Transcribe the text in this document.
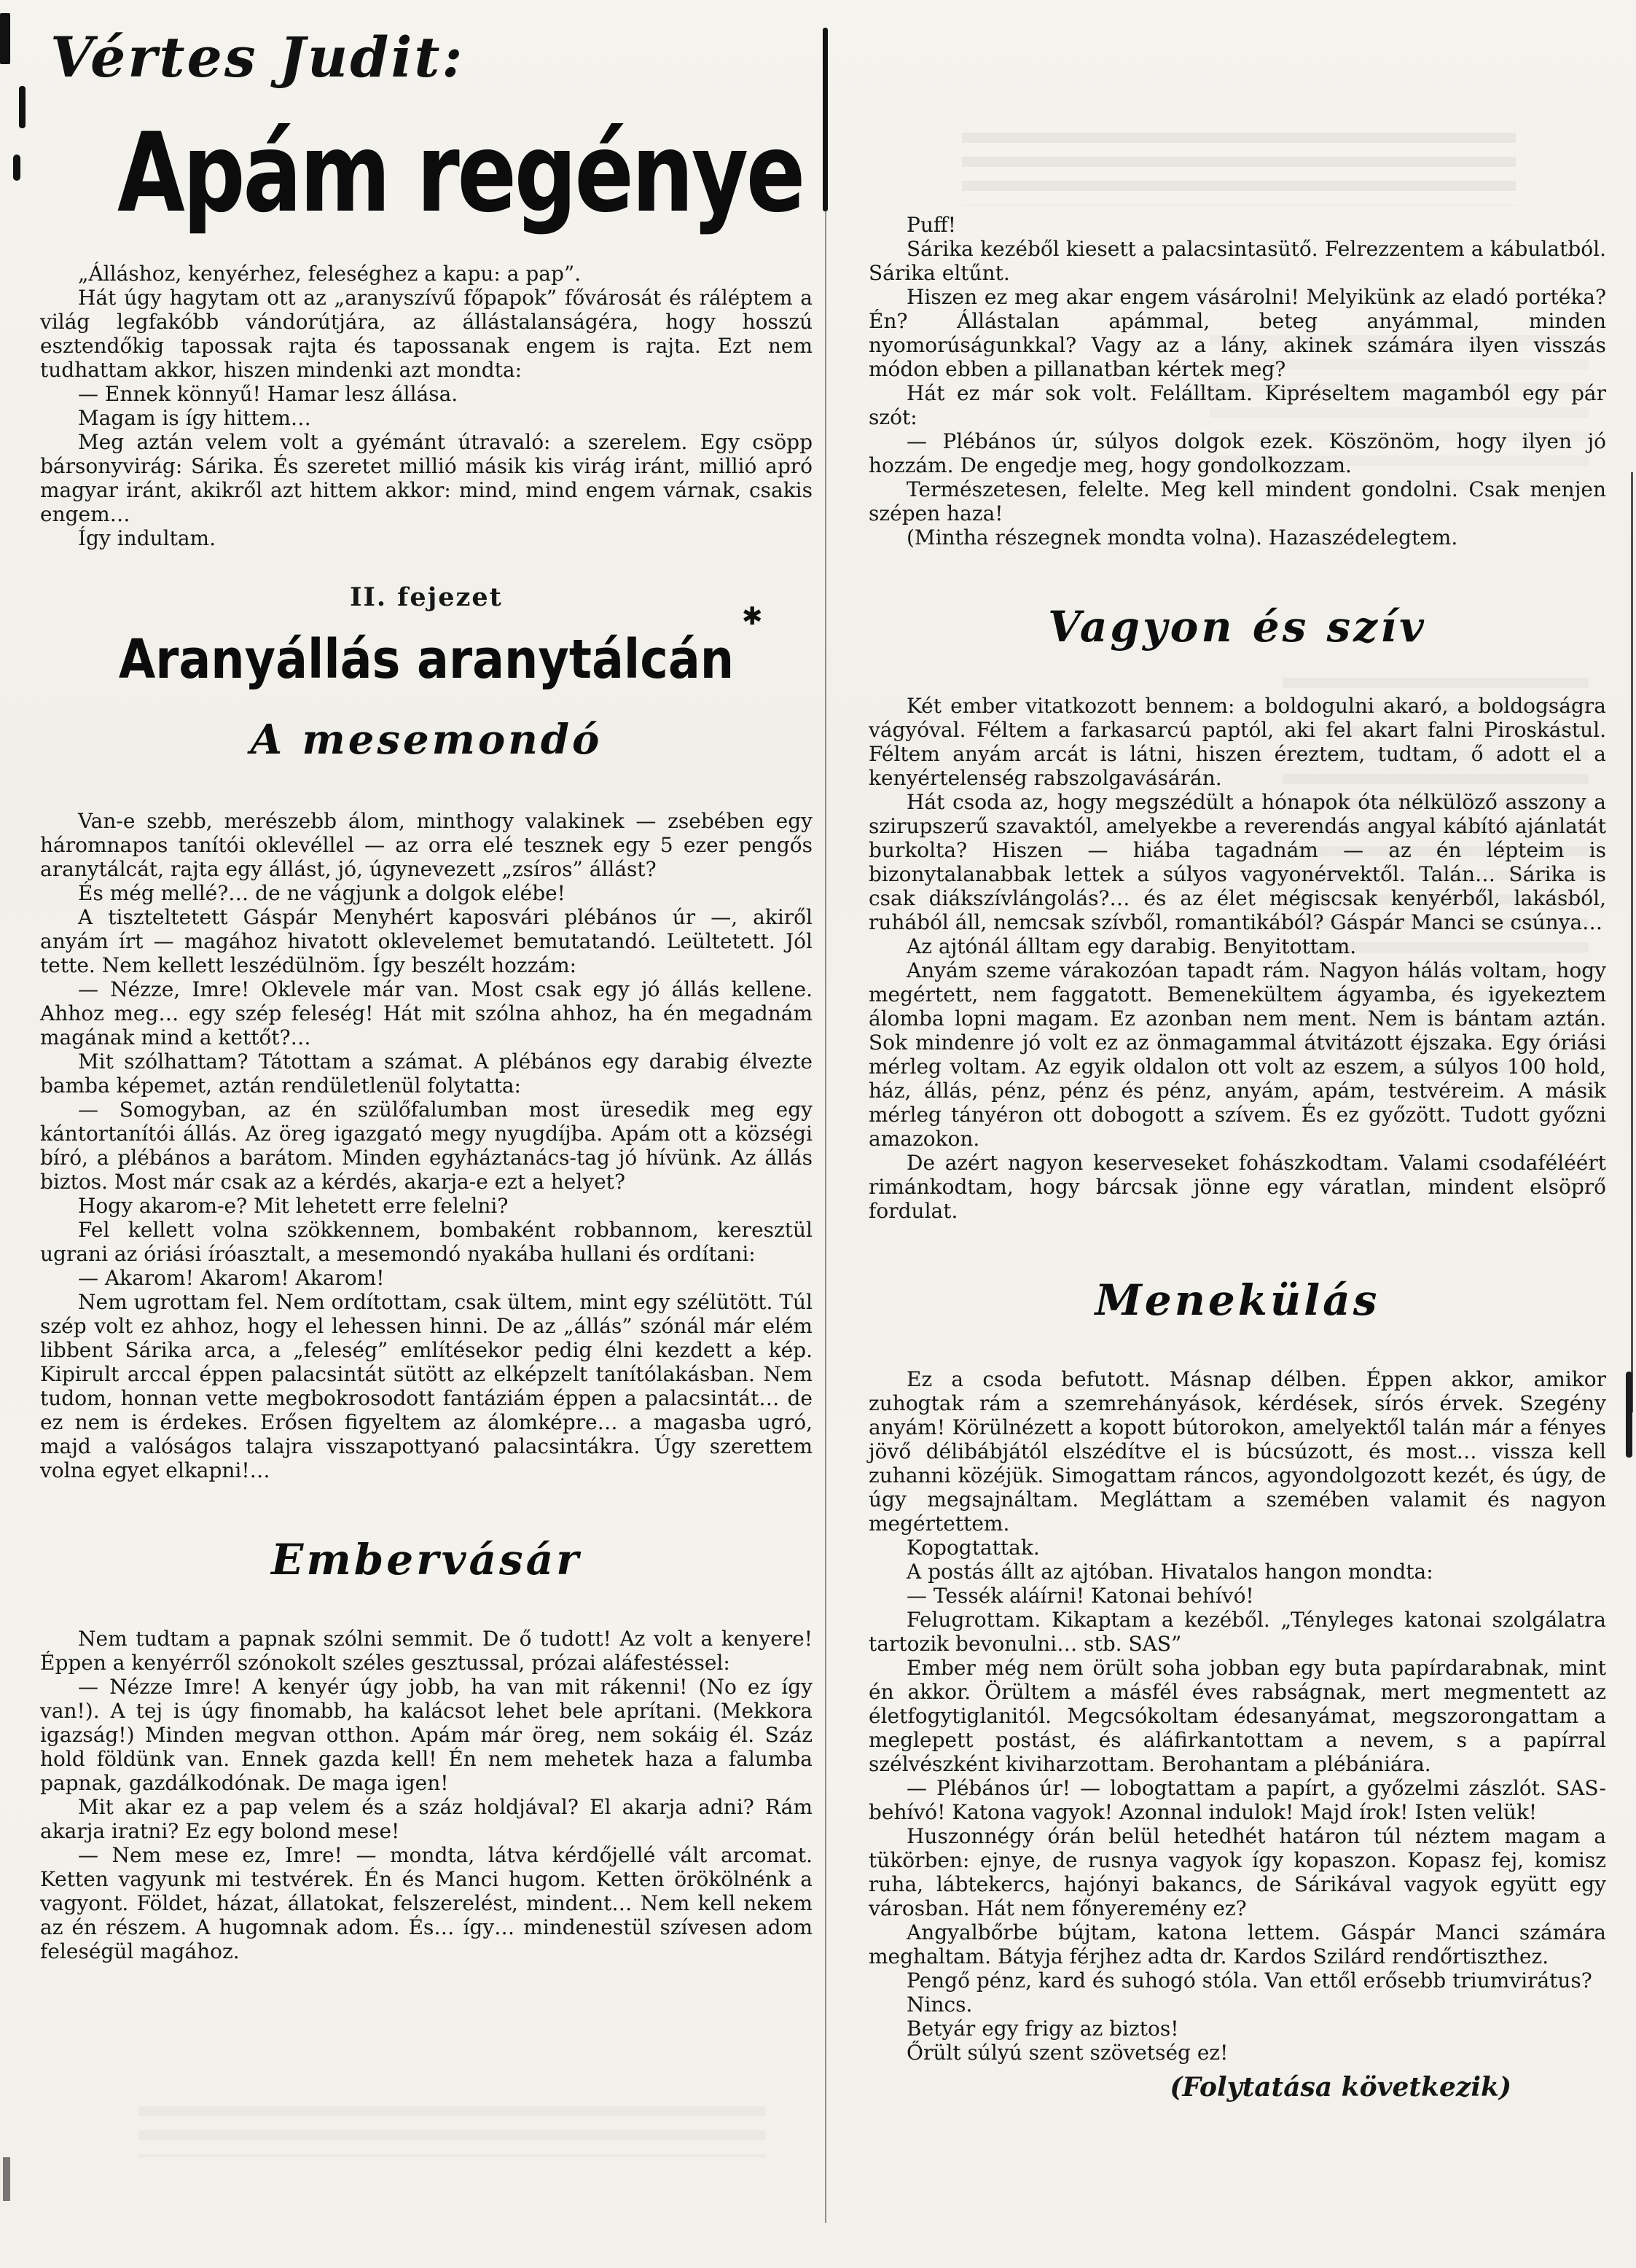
✱
Vértes Judit:
Apám regénye
„Álláshoz, kenyérhez, feleséghez a kapu: a pap”.
Hát úgy hagytam ott az „aranyszívű főpapok” fővárosát és ráléptem a világ legfakóbb vándorútjára, az állástalanságéra, hogy hosszú esztendőkig tapossak rajta és tapossanak engem is rajta. Ezt nem tudhattam akkor, hiszen mindenki azt mondta:
— Ennek könnyű! Hamar lesz állása.
Magam is így hittem…
Meg aztán velem volt a gyémánt útravaló: a szerelem. Egy csöpp bársonyvirág: Sárika. És szeretet millió másik kis virág iránt, millió apró magyar iránt, akikről azt hittem akkor: mind, mind engem várnak, csakis engem…
Így indultam.
II. fejezet
Aranyállás aranytálcán
A mesemondó
Van-e szebb, merészebb álom, minthogy valakinek — zsebében egy háromnapos tanítói oklevéllel — az orra elé tesznek egy 5 ezer pengős aranytálcát, rajta egy állást, jó, úgynevezett „zsíros” állást?
És még mellé?… de ne vágjunk a dolgok elébe!
A tiszteltetett Gáspár Menyhért kaposvári plébános úr —, akiről anyám írt — magához hivatott oklevelemet bemutatandó. Leültetett. Jól tette. Nem kellett leszédülnöm. Így beszélt hozzám:
— Nézze, Imre! Oklevele már van. Most csak egy jó állás kellene. Ahhoz meg… egy szép feleség! Hát mit szólna ahhoz, ha én megadnám magának mind a kettőt?…
Mit szólhattam? Tátottam a számat. A plébános egy darabig élvezte bamba képemet, aztán rendületlenül folytatta:
— Somogyban, az én szülőfalumban most üresedik meg egy kántortanítói állás. Az öreg igazgató megy nyugdíjba. Apám ott a községi bíró, a plébános a barátom. Minden egyháztanács-tag jó hívünk. Az állás biztos. Most már csak az a kérdés, akarja-e ezt a helyet?
Hogy akarom-e? Mit lehetett erre felelni?
Fel kellett volna szökkennem, bombaként robbannom, keresztül ugrani az óriási íróasztalt, a mesemondó nyakába hullani és ordítani:
— Akarom! Akarom! Akarom!
Nem ugrottam fel. Nem ordítottam, csak ültem, mint egy szélütött. Túl szép volt ez ahhoz, hogy el lehessen hinni. De az „állás” szónál már elém libbent Sárika arca, a „feleség” említésekor pedig élni kezdett a kép. Kipirult arccal éppen palacsintát sütött az elképzelt tanítólakásban. Nem tudom, honnan vette megbokrosodott fantáziám éppen a palacsintát… de ez nem is érdekes. Erősen figyeltem az álomképre… a magasba ugró, majd a valóságos talajra visszapottyanó palacsintákra. Úgy szerettem volna egyet elkapni!…
Embervásár
Nem tudtam a papnak szólni semmit. De ő tudott! Az volt a kenyere! Éppen a kenyérről szónokolt széles gesztussal, prózai aláfestéssel:
— Nézze Imre! A kenyér úgy jobb, ha van mit rákenni! (No ez így van!). A tej is úgy finomabb, ha kalácsot lehet bele aprítani. (Mekkora igazság!) Minden megvan otthon. Apám már öreg, nem sokáig él. Száz hold földünk van. Ennek gazda kell! Én nem mehetek haza a falumba papnak, gazdálkodónak. De maga igen!
Mit akar ez a pap velem és a száz holdjával? El akarja adni? Rám akarja iratni? Ez egy bolond mese!
— Nem mese ez, Imre! — mondta, látva kérdőjellé vált arcomat. Ketten vagyunk mi testvérek. Én és Manci hugom. Ketten örökölnénk a vagyont. Földet, házat, állatokat, felszerelést, mindent… Nem kell nekem az én részem. A hugomnak adom. És… így… mindenestül szívesen adom feleségül magához.
Puff!
Sárika kezéből kiesett a palacsintasütő. Felrezzentem a kábulatból. Sárika eltűnt.
Hiszen ez meg akar engem vásárolni! Melyikünk az eladó portéka? Én? Állástalan apámmal, beteg anyámmal, minden nyomorúságunkkal? Vagy az a lány, akinek számára ilyen visszás módon ebben a pillanatban kértek meg?
Hát ez már sok volt. Felálltam. Kipréseltem magamból egy pár szót:
— Plébános úr, súlyos dolgok ezek. Köszönöm, hogy ilyen jó hozzám. De engedje meg, hogy gondolkozzam.
Természetesen, felelte. Meg kell mindent gondolni. Csak menjen szépen haza!
(Mintha részegnek mondta volna). Hazaszédelegtem.
Vagyon és szív
Két ember vitatkozott bennem: a boldogulni akaró, a boldogságra vágyóval. Féltem a farkasarcú paptól, aki fel akart falni Piroskástul. Féltem anyám arcát is látni, hiszen éreztem, tudtam, ő adott el a kenyértelenség rabszolgavásárán.
Hát csoda az, hogy megszédült a hónapok óta nélkülöző asszony a szirupszerű szavaktól, amelyekbe a reverendás angyal kábító ajánlatát burkolta? Hiszen — hiába tagadnám — az én lépteim is bizonytalanabbak lettek a súlyos vagyonérvektől. Talán… Sárika is csak diákszívlángolás?… és az élet mégiscsak kenyérből, lakásból, ruhából áll, nemcsak szívből, romantikából? Gáspár Manci se csúnya…
Az ajtónál álltam egy darabig. Benyitottam.
Anyám szeme várakozóan tapadt rám. Nagyon hálás voltam, hogy megértett, nem faggatott. Bemenekültem ágyamba, és igyekeztem álomba lopni magam. Ez azonban nem ment. Nem is bántam aztán. Sok mindenre jó volt ez az önmagammal átvitázott éjszaka. Egy óriási mérleg voltam. Az egyik oldalon ott volt az eszem, a súlyos 100 hold, ház, állás, pénz, pénz és pénz, anyám, apám, testvéreim. A másik mérleg tányéron ott dobogott a szívem. És ez győzött. Tudott győzni amazokon.
De azért nagyon keserveseket fohászkodtam. Valami csodaféléért rimánkodtam, hogy bárcsak jönne egy váratlan, mindent elsöprő fordulat.
Menekülás
Ez a csoda befutott. Másnap délben. Éppen akkor, amikor zuhogtak rám a szemrehányások, kérdések, sírós érvek. Szegény anyám! Körülnézett a kopott bútorokon, amelyektől talán már a fényes jövő délibábjától elszédítve el is búcsúzott, és most… vissza kell zuhanni közéjük. Simogattam ráncos, agyondolgozott kezét, és úgy, de úgy megsajnáltam. Megláttam a szemében valamit és nagyon megértettem.
Kopogtattak.
A postás állt az ajtóban. Hivatalos hangon mondta:
— Tessék aláírni! Katonai behívó!
Felugrottam. Kikaptam a kezéből. „Tényleges katonai szolgálatra tartozik bevonulni… stb. SAS”
Ember még nem örült soha jobban egy buta papírdarabnak, mint én akkor. Örültem a másfél éves rabságnak, mert megmentett az életfogytiglanitól. Megcsókoltam édesanyámat, megszorongattam a meglepett postást, és aláfirkantottam a nevem, s a papírral szélvészként kiviharzottam. Berohantam a plébániára.
— Plébános úr! — lobogtattam a papírt, a győzelmi zászlót. SAS-behívó! Katona vagyok! Azonnal indulok! Majd írok! Isten velük!
Huszonnégy órán belül hetedhét határon túl néztem magam a tükörben: ejnye, de rusnya vagyok így kopaszon. Kopasz fej, komisz ruha, lábtekercs, hajónyi bakancs, de Sárikával vagyok együtt egy városban. Hát nem főnyeremény ez?
Angyalbőrbe bújtam, katona lettem. Gáspár Manci számára meghaltam. Bátyja férjhez adta dr. Kardos Szilárd rendőrtiszthez.
Pengő pénz, kard és suhogó stóla. Van ettől erősebb triumvirátus?
Nincs.
Betyár egy frigy az biztos!
Őrült súlyú szent szövetség ez!
(Folytatása következik)
